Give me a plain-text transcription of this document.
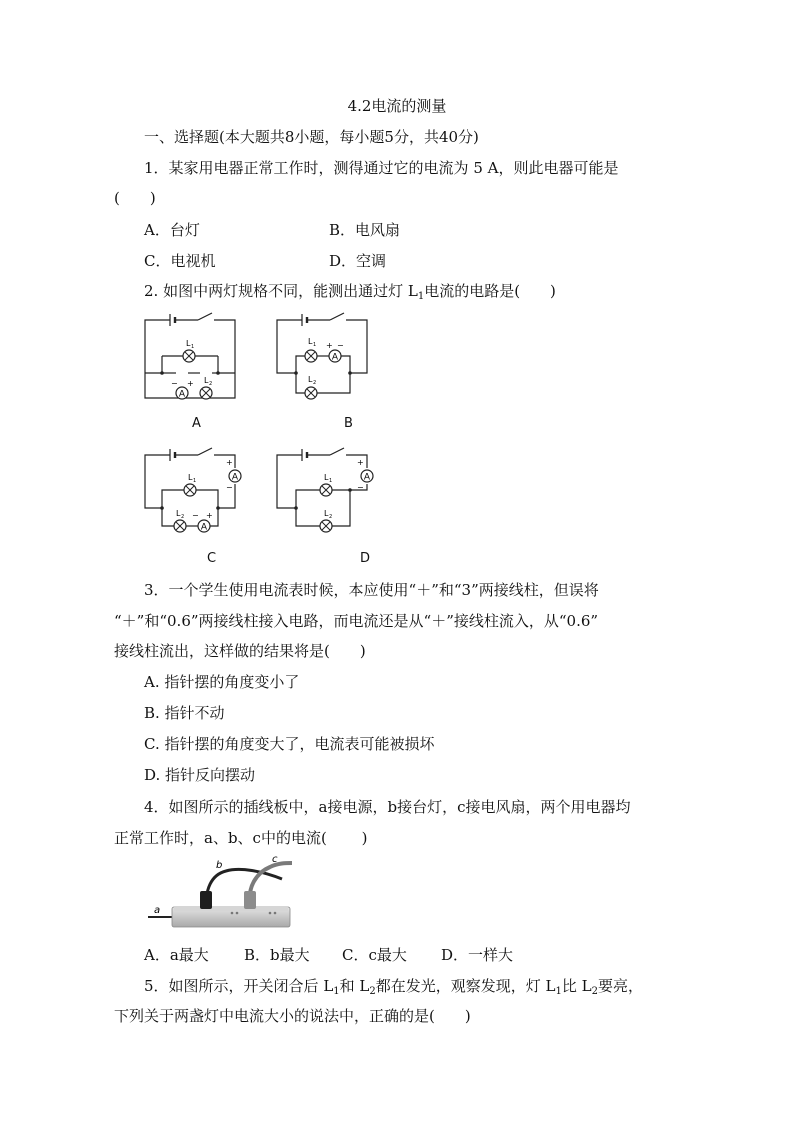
4.2电流的测量
一、选择题(本大题共8小题，每小题5分，共40分)
1．某家用电器正常工作时，测得通过它的电流为 5 A，则此电器可能是
(　　)
A．台灯	B．电风扇
C．电视机	D．空调
2. 如图中两灯规格不同，能测出通过灯 $L_1$电流的电路是(　　)
A
L 1
L 2
− +
A
A
L 1
L 2
+ −
B
A
A
L 1
L 2 − +
+
−
C
A
L 1
L 2
+
−
D
3．一个学生使用电流表时候，本应使用“＋”和“3”两接线柱，但误将
“＋”和“0.6”两接线柱接入电路，而电流还是从“＋”接线柱流入，从“0.6”
接线柱流出，这样做的结果将是(　　)
A. 指针摆的角度变小了
B. 指针不动
C. 指针摆的角度变大了，电流表可能被损坏
D. 指针反向摆动
4．如图所示的插线板中，a接电源，b接台灯，c接电风扇，两个用电器均
正常工作时，a、b、c中的电流(　　 )
a
b
c
A．a最大 B．b最大 C．c最大 D．一样大
5．如图所示，开关闭合后 $L_1$和 $L_2$都在发光，观察发现，灯 $L_1$比 $L_2$要亮，
下列关于两盏灯中电流大小的说法中，正确的是(　　)
